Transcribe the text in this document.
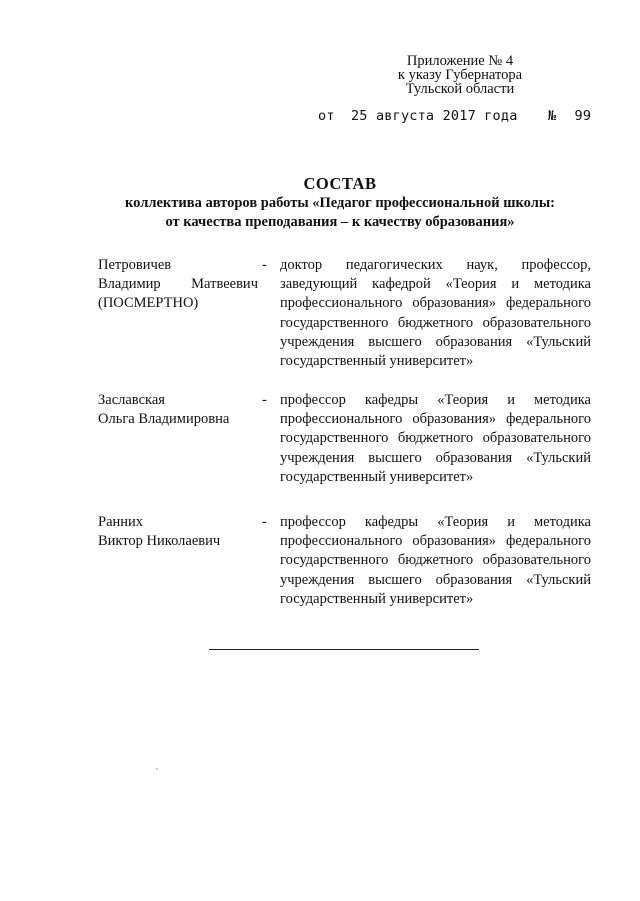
Приложение № 4
к указу Губернатора
Тульской области
от 25 августа 2017 года № 99
СОСТАВ
коллектива авторов работы «Педагог профессиональной школы:
от качества преподавания – к качеству образования»
Петровичев
Владимир Матвеевич
(ПОСМЕРТНО)
- доктор педагогических наук, профессор, заведующий кафедрой «Теория и методика профессионального образования» федерального государственного бюджетного образовательного учреждения высшего образования «Тульский государственный университет»
Заславская
Ольга Владимировна
- профессор кафедры «Теория и методика профессионального образования» федерального государственного бюджетного образовательного учреждения высшего образования «Тульский государственный университет»
Ранних
Виктор Николаевич
- профессор кафедры «Теория и методика профессионального образования» федерального государственного бюджетного образовательного учреждения высшего образования «Тульский государственный университет»
